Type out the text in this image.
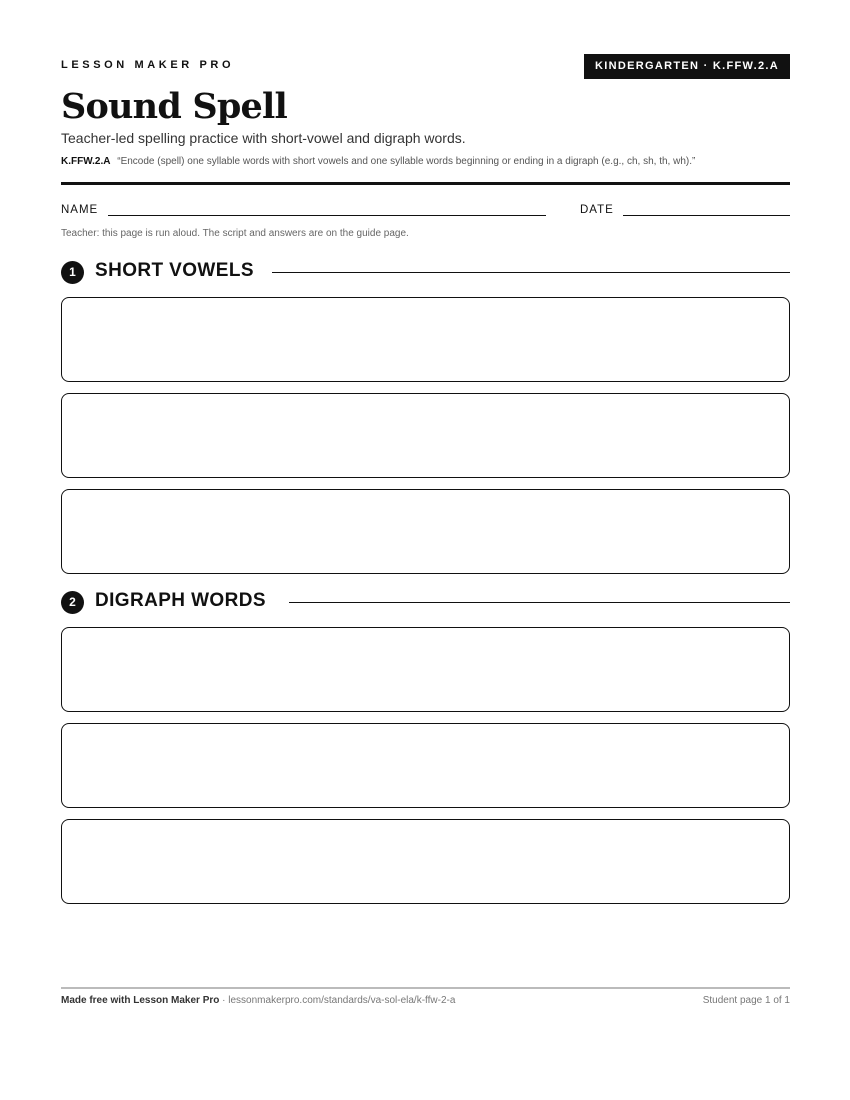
LESSON MAKER PRO	KINDERGARTEN · K.FFW.2.A
Sound Spell
Teacher-led spelling practice with short-vowel and digraph words.
K.FFW.2.A “Encode (spell) one syllable words with short vowels and one syllable words beginning or ending in a digraph (e.g., ch, sh, th, wh).”
NAME	DATE
Teacher: this page is run aloud. The script and answers are on the guide page.
1	SHORT VOWELS
2	DIGRAPH WORDS
Made free with Lesson Maker Pro · lessonmakerpro.com/standards/va-sol-ela/k-ffw-2-a	Student page 1 of 1
